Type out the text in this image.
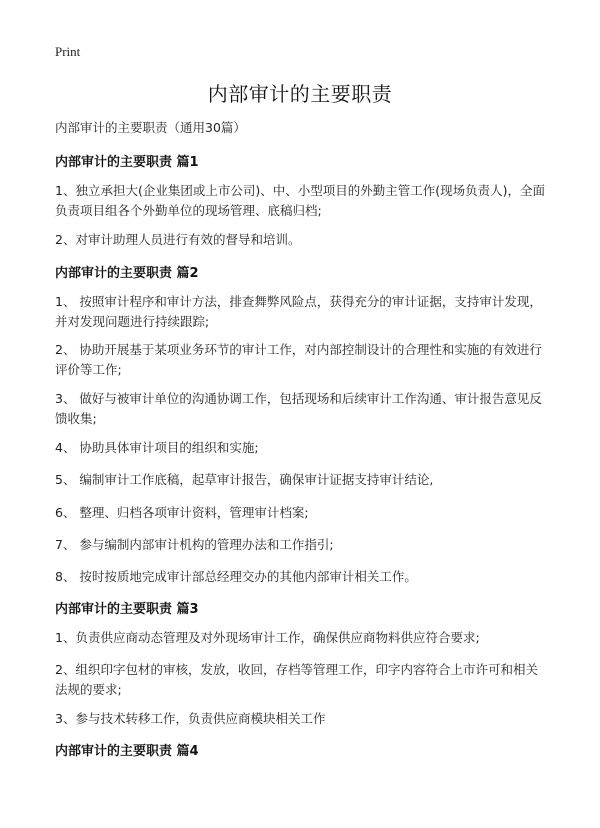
Print
内部审计的主要职责
内部审计的主要职责（通用30篇）
内部审计的主要职责 篇1
1、独立承担大(企业集团或上市公司)、中、小型项目的外勤主管工作(现场负责人)，全面负责项目组各个外勤单位的现场管理、底稿归档;
2、对审计助理人员进行有效的督导和培训。
内部审计的主要职责 篇2
1、 按照审计程序和审计方法，排查舞弊风险点，获得充分的审计证据，支持审计发现，并对发现问题进行持续跟踪;
2、 协助开展基于某项业务环节的审计工作，对内部控制设计的合理性和实施的有效进行评价等工作;
3、 做好与被审计单位的沟通协调工作，包括现场和后续审计工作沟通、审计报告意见反馈收集;
4、 协助具体审计项目的组织和实施;
5、 编制审计工作底稿，起草审计报告，确保审计证据支持审计结论,
6、 整理、归档各项审计资料，管理审计档案;
7、 参与编制内部审计机构的管理办法和工作指引;
8、 按时按质地完成审计部总经理交办的其他内部审计相关工作。
内部审计的主要职责 篇3
1、负责供应商动态管理及对外现场审计工作，确保供应商物料供应符合要求;
2、组织印字包材的审核，发放，收回，存档等管理工作，印字内容符合上市许可和相关法规的要求;
3、参与技术转移工作，负责供应商模块相关工作
内部审计的主要职责 篇4
